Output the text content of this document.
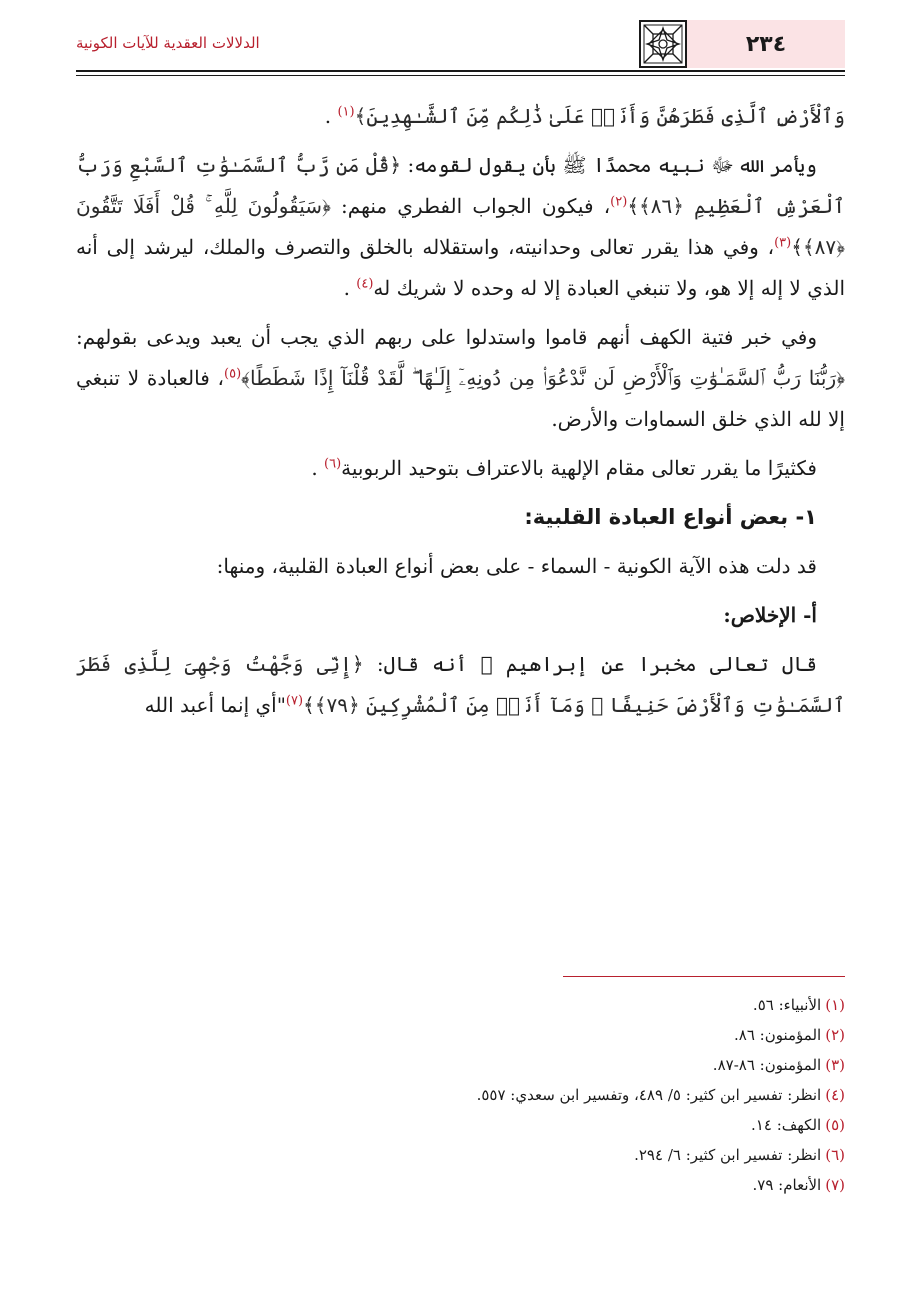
٢٣٤
الدلالات العقدية للآيات الكونية

وَٱلْأَرْضِ ٱلَّذِى فَطَرَهُنَّ وَأَنَا۠ عَلَىٰ ذَٰلِكُم مِّنَ ٱلشَّـٰهِدِينَ﴾$^{(١)}$ .

ويأمر الله ﷻ نبيه محمدًا ﷺ بأن يقول لقومه: ﴿قُلْ مَن رَّبُّ ٱلسَّمَـٰوَٰتِ ٱلسَّبْعِ وَرَبُّ ٱلْعَرْشِ ٱلْعَظِيمِ ﴿٨٦﴾﴾$^{(٢)}$، فيكون الجواب الفطري منهم: ﴿سَيَقُولُونَ لِلَّهِ ۚ قُلْ أَفَلَا تَتَّقُونَ ﴿٨٧﴾﴾$^{(٣)}$، وفي هذا يقرر تعالى وحدانيته، واستقلاله بالخلق والتصرف والملك، ليرشد إلى أنه الذي لا إله إلا هو، ولا تنبغي العبادة إلا له وحده لا شريك له$^{(٤)}$ .

وفي خبر فتية الكهف أنهم قاموا واستدلوا على ربهم الذي يجب أن يعبد ويدعى بقولهم: ﴿رَبُّنَا رَبُّ ٱلسَّمَـٰوَٰتِ وَٱلْأَرْضِ لَن نَّدْعُوَا۟ مِن دُونِهِۦٓ إِلَـٰهًا ۖ لَّقَدْ قُلْنَآ إِذًا شَطَطًا﴾$^{(٥)}$، فالعبادة لا تنبغي إلا لله الذي خلق السماوات والأرض.

فكثيرًا ما يقرر تعالى مقام الإلهية بالاعتراف بتوحيد الربوبية$^{(٦)}$ .

١- بعض أنواع العبادة القلبية:

قد دلت هذه الآية الكونية - السماء - على بعض أنواع العبادة القلبية، ومنها:

أ- الإخلاص:

قال تعالى مخبرا عن إبراهيم ﵇ أنه قال: ﴿إِنِّى وَجَّهْتُ وَجْهِىَ لِلَّذِى فَطَرَ ٱلسَّمَـٰوَٰتِ وَٱلْأَرْضَ حَنِيفًا ۖ وَمَآ أَنَا۠ مِنَ ٱلْمُشْرِكِينَ ﴿٧٩﴾﴾$^{(٧)}$"أي إنما أعبد الله

(١)الأنبياء: ٥٦.
(٢)المؤمنون: ٨٦.
(٣)المؤمنون: ٨٦-٨٧.
(٤)انظر: تفسير ابن كثير: ٥/ ٤٨٩، وتفسير ابن سعدي: ٥٥٧.
(٥)الكهف: ١٤.
(٦)انظر: تفسير ابن كثير: ٦/ ٢٩٤.
(٧)الأنعام: ٧٩.
